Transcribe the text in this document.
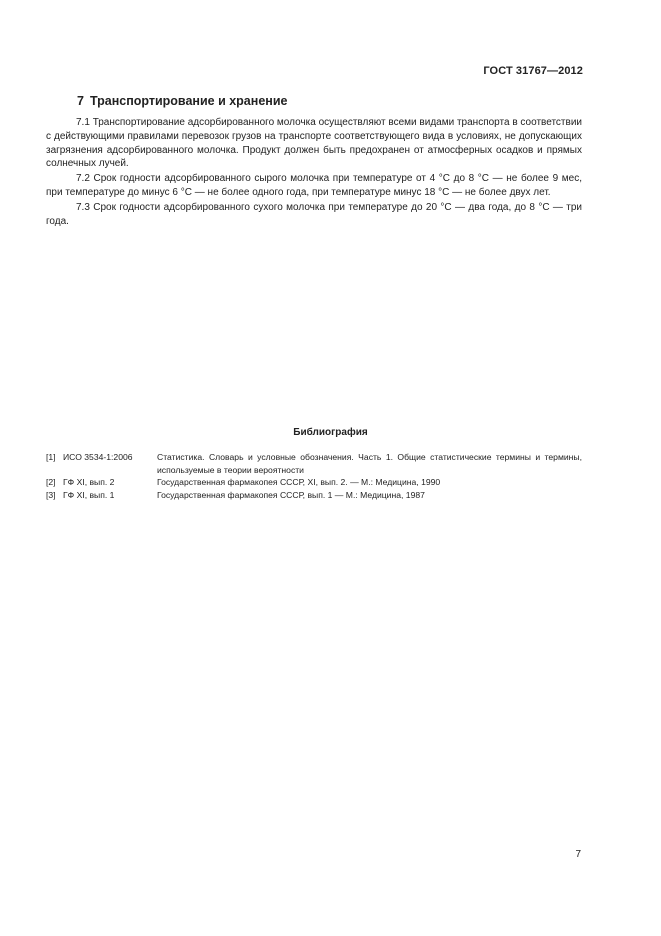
ГОСТ 31767—2012
7 Транспортирование и хранение

7.1 Транспортирование адсорбированного молочка осуществляют всеми видами транспорта в соответствии с действующими правилами перевозок грузов на транспорте соответствующего вида в условиях, не допускающих загрязнения адсорбированного молочка. Продукт должен быть предохранен от атмосферных осадков и прямых солнечных лучей.

7.2 Срок годности адсорбированного сырого молочка при температуре от 4 °С до 8 °С — не более 9 мес, при температуре до минус 6 °С — не более одного года, при температуре минус 18 °С — не более двух лет.

7.3 Срок годности адсорбированного сухого молочка при температуре до 20 °С — два года, до 8 °С — три года.

Библиография
[1] ИСО 3534-1:2006	Статистика. Словарь и условные обозначения. Часть 1. Общие статистические термины и термины, используемые в теории вероятности
[2] ГФ XI, вып. 2	Государственная фармакопея СССР, XI, вып. 2. — М.: Медицина, 1990
[3] ГФ XI, вып. 1	Государственная фармакопея СССР, вып. 1 — М.: Медицина, 1987
7
